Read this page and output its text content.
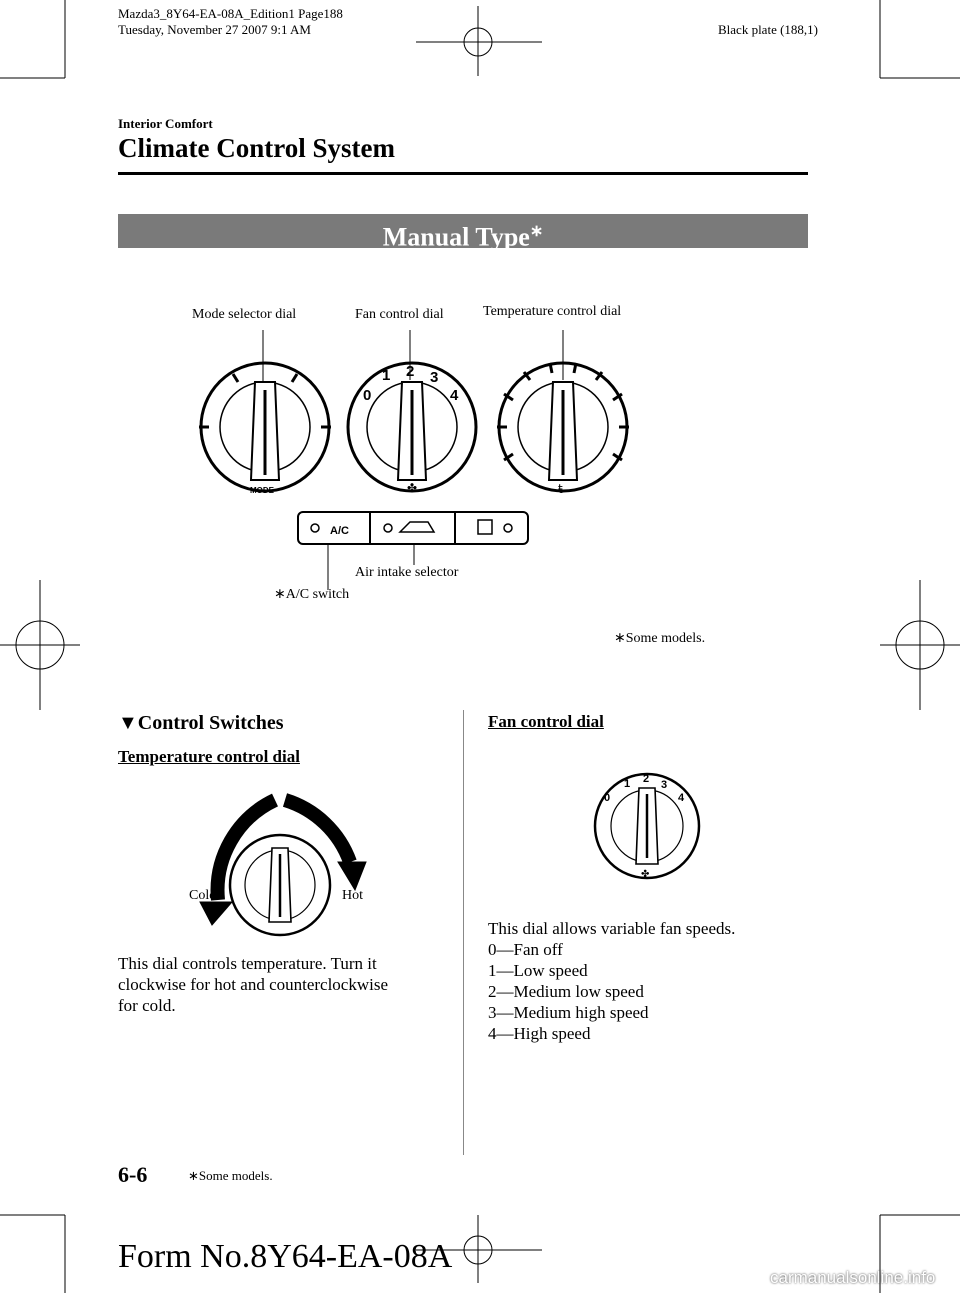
Mazda3_8Y64-EA-08A_Edition1 Page188
Tuesday, November 27 2007 9:1 AM	Black plate (188,1)
Interior Comfort
Climate Control System
Manual Type∗
MODE
A/C
0
1 2 3
4
✤	ŧ
Mode selector dial	Fan control dial	Temperature control dial
Air intake selector
∗A/C switch
∗Some models.
▼Control Switches
Temperature control dial
Cold	Hot
This dial controls temperature. Turn it
clockwise for hot and counterclockwise
for cold.
Fan control dial
0
1 2 3
4
✤
This dial allows variable fan speeds.
0―Fan off
1―Low speed
2―Medium low speed
3―Medium high speed
4―High speed
6-6	∗Some models.
Form No.8Y64-EA-08A
carmanualsonline.info
